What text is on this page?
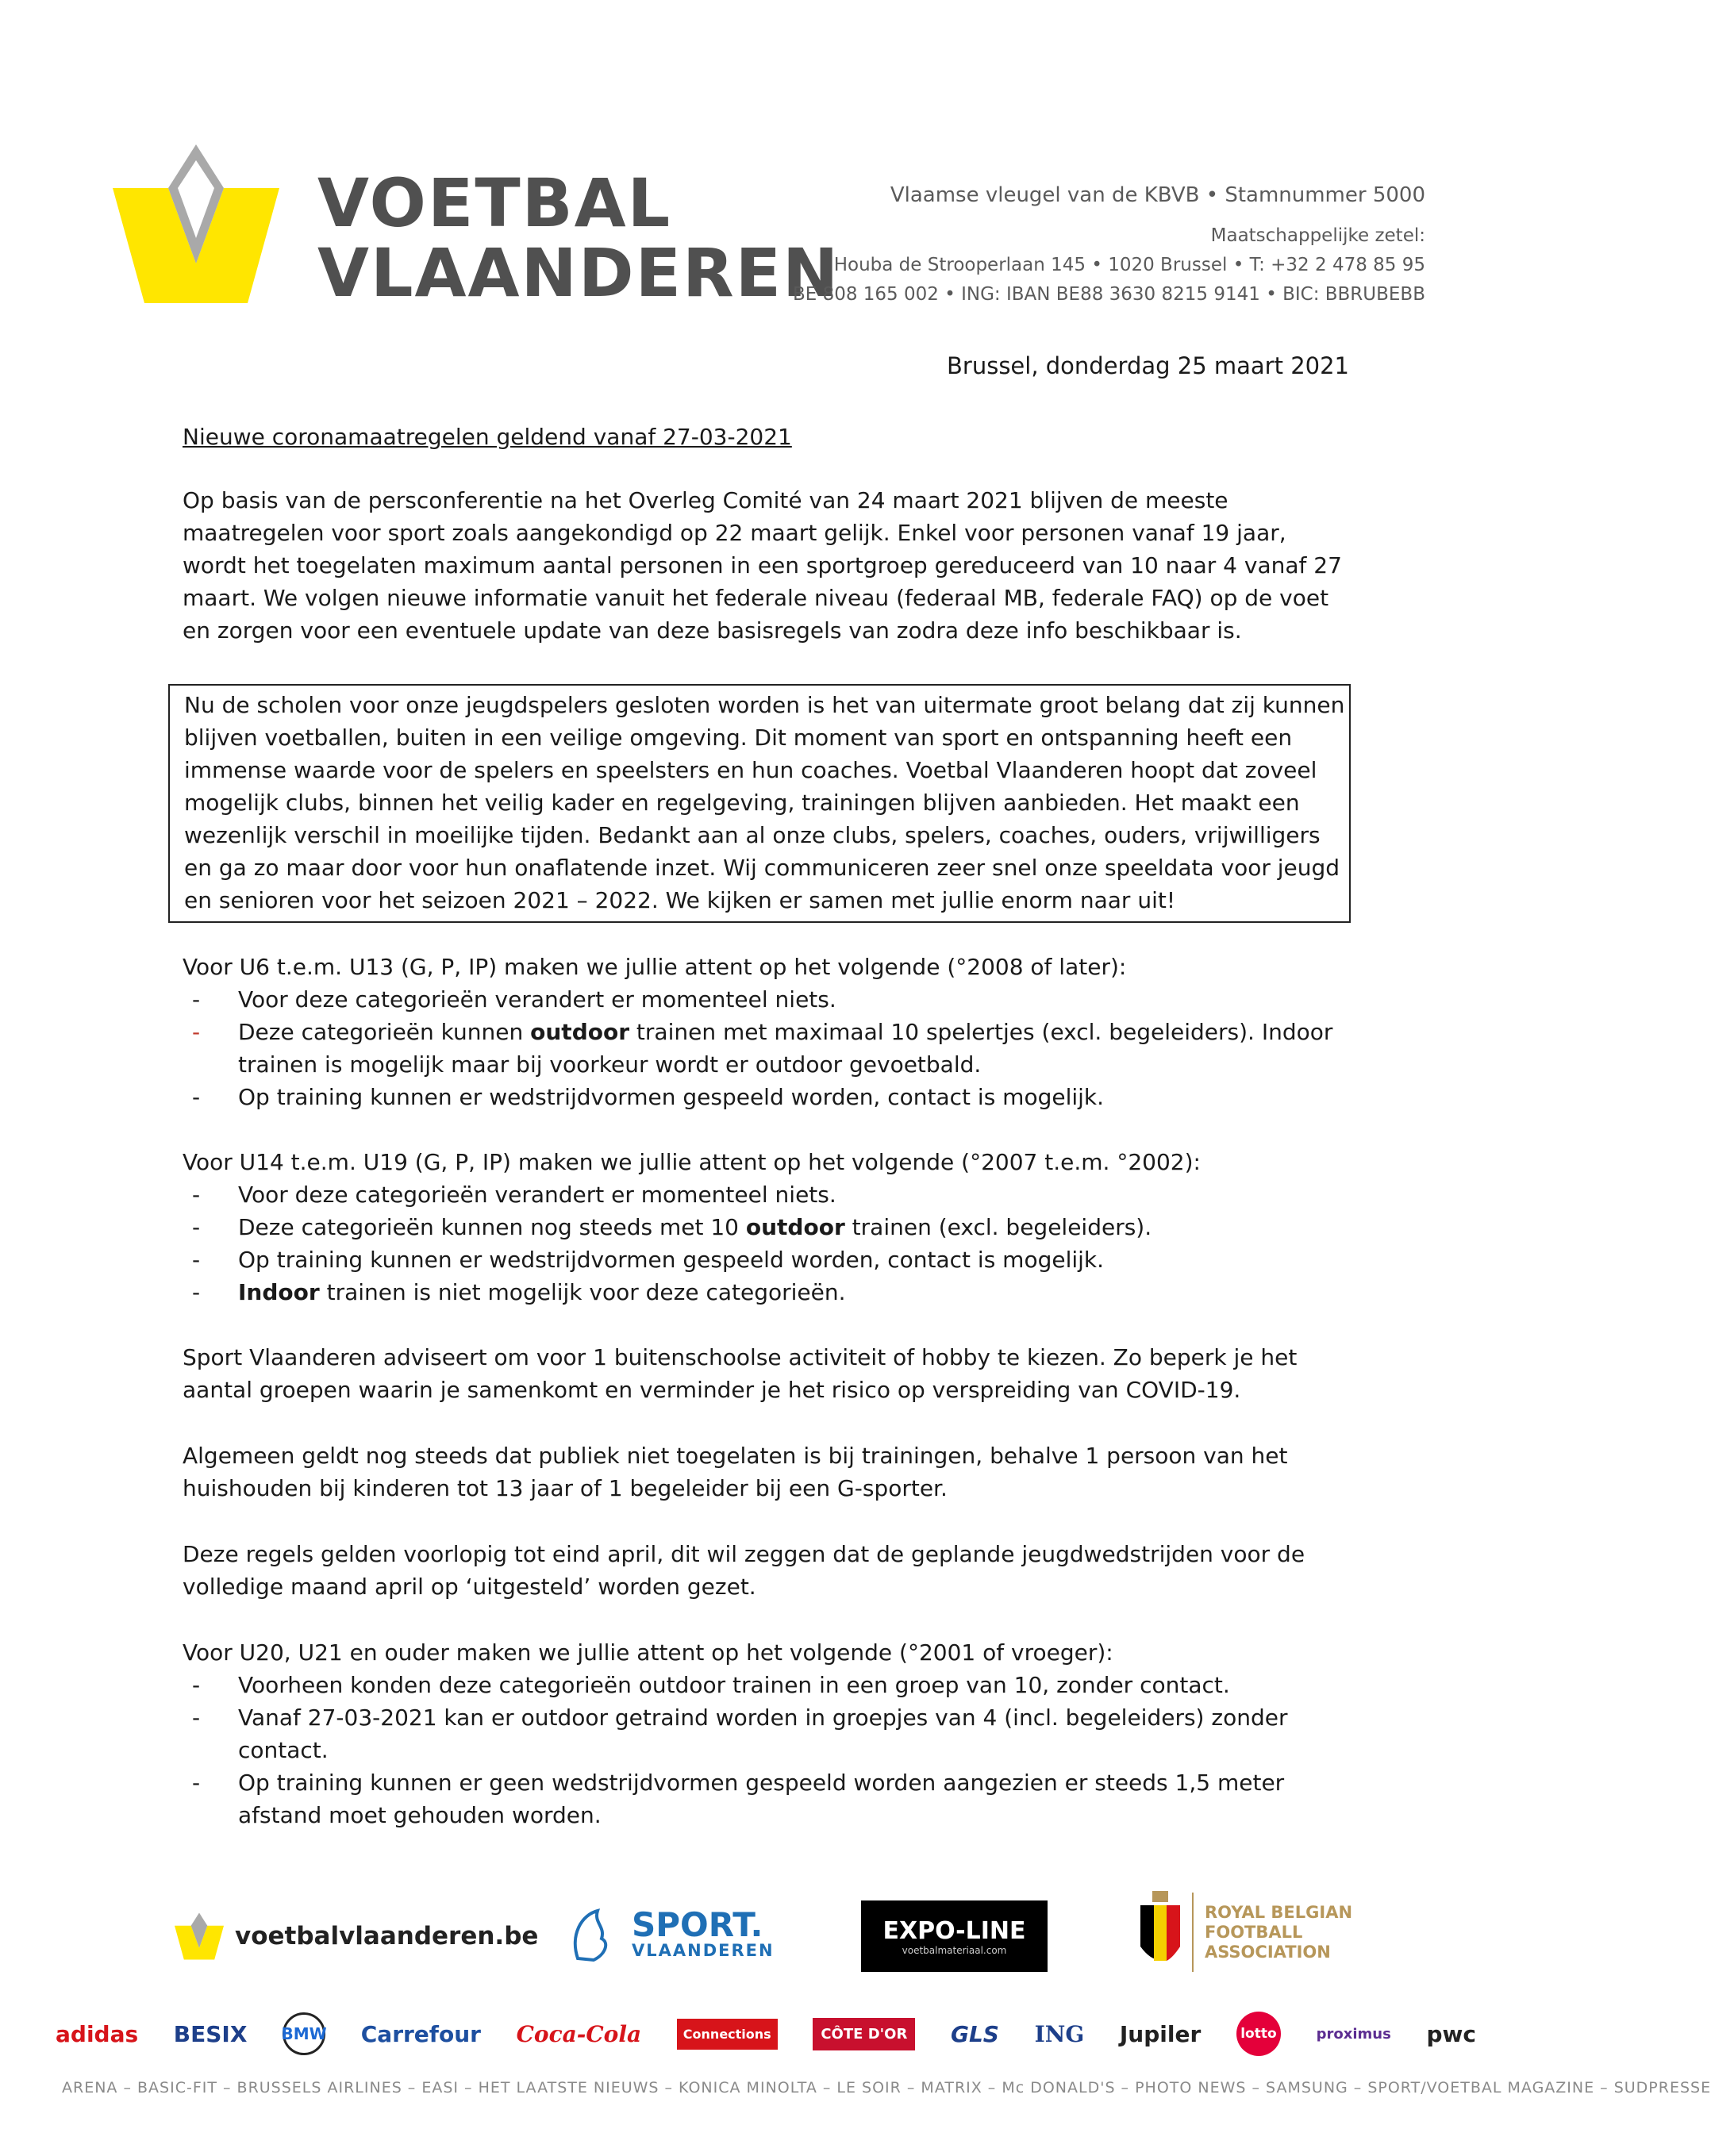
VOETBAL
VLAANDEREN
Vlaamse vleugel van de KBVB • Stamnummer 5000
Maatschappelijke zetel:
Houba de Strooperlaan 145 • 1020 Brussel • T: +32 2 478 85 95
BE 808 165 002 • ING: IBAN BE88 3630 8215 9141 • BIC: BBRUBEBB
Brussel, donderdag 25 maart 2021
Nieuwe coronamaatregelen geldend vanaf 27-03-2021

Op basis van de persconferentie na het Overleg Comité van 24 maart 2021 blijven de meeste maatregelen voor sport zoals aangekondigd op 22 maart gelijk. Enkel voor personen vanaf 19 jaar, wordt het toegelaten maximum aantal personen in een sportgroep gereduceerd van 10 naar 4 vanaf 27 maart. We volgen nieuwe informatie vanuit het federale niveau (federaal MB, federale FAQ) op de voet en zorgen voor een eventuele update van deze basisregels van zodra deze info beschikbaar is.

Nu de scholen voor onze jeugdspelers gesloten worden is het van uitermate groot belang dat zij kunnen blijven voetballen, buiten in een veilige omgeving. Dit moment van sport en ontspanning heeft een immense waarde voor de spelers en speelsters en hun coaches. Voetbal Vlaanderen hoopt dat zoveel mogelijk clubs, binnen het veilig kader en regelgeving, trainingen blijven aanbieden. Het maakt een wezenlijk verschil in moeilijke tijden. Bedankt aan al onze clubs, spelers, coaches, ouders, vrijwilligers en ga zo maar door voor hun onaflatende inzet. Wij communiceren zeer snel onze speeldata voor jeugd en senioren voor het seizoen 2021 – 2022. We kijken er samen met jullie enorm naar uit!

Voor U6 t.e.m. U13 (G, P, IP) maken we jullie attent op het volgende (°2008 of later):

- Voor deze categorieën verandert er momenteel niets.
- Deze categorieën kunnen outdoor trainen met maximaal 10 spelertjes (excl. begeleiders). Indoor trainen is mogelijk maar bij voorkeur wordt er outdoor gevoetbald.
- Op training kunnen er wedstrijdvormen gespeeld worden, contact is mogelijk.

Voor U14 t.e.m. U19 (G, P, IP) maken we jullie attent op het volgende (°2007 t.e.m. °2002):

- Voor deze categorieën verandert er momenteel niets.
- Deze categorieën kunnen nog steeds met 10 outdoor trainen (excl. begeleiders).
- Op training kunnen er wedstrijdvormen gespeeld worden, contact is mogelijk.
- Indoor trainen is niet mogelijk voor deze categorieën.

Sport Vlaanderen adviseert om voor 1 buitenschoolse activiteit of hobby te kiezen. Zo beperk je het aantal groepen waarin je samenkomt en verminder je het risico op verspreiding van COVID-19.

Algemeen geldt nog steeds dat publiek niet toegelaten is bij trainingen, behalve 1 persoon van het huishouden bij kinderen tot 13 jaar of 1 begeleider bij een G-sporter.

Deze regels gelden voorlopig tot eind april, dit wil zeggen dat de geplande jeugdwedstrijden voor de volledige maand april op ‘uitgesteld’ worden gezet.

Voor U20, U21 en ouder maken we jullie attent op het volgende (°2001 of vroeger):

- Voorheen konden deze categorieën outdoor trainen in een groep van 10, zonder contact.
- Vanaf 27-03-2021 kan er outdoor getraind worden in groepjes van 4 (incl. begeleiders) zonder contact.
- Op training kunnen er geen wedstrijdvormen gespeeld worden aangezien er steeds 1,5 meter afstand moet gehouden worden.
voetbalvlaanderen.be	SPORT.
VLAANDEREN
EXPO-LINE
voetbalmateriaal.com
ROYAL BELGIAN
FOOTBALL
ASSOCIATION
adidas BESIX BMW Carrefour Coca-Cola	Connections	CÔTE D'OR	GLS ING Jupiler	lotto	proximus pwc
ARENA – BASIC-FIT – BRUSSELS AIRLINES – EASI – HET LAATSTE NIEUWS – KONICA MINOLTA – LE SOIR – MATRIX – Mc DONALD'S – PHOTO NEWS – SAMSUNG – SPORT/VOETBAL MAGAZINE – SUDPRESSE
